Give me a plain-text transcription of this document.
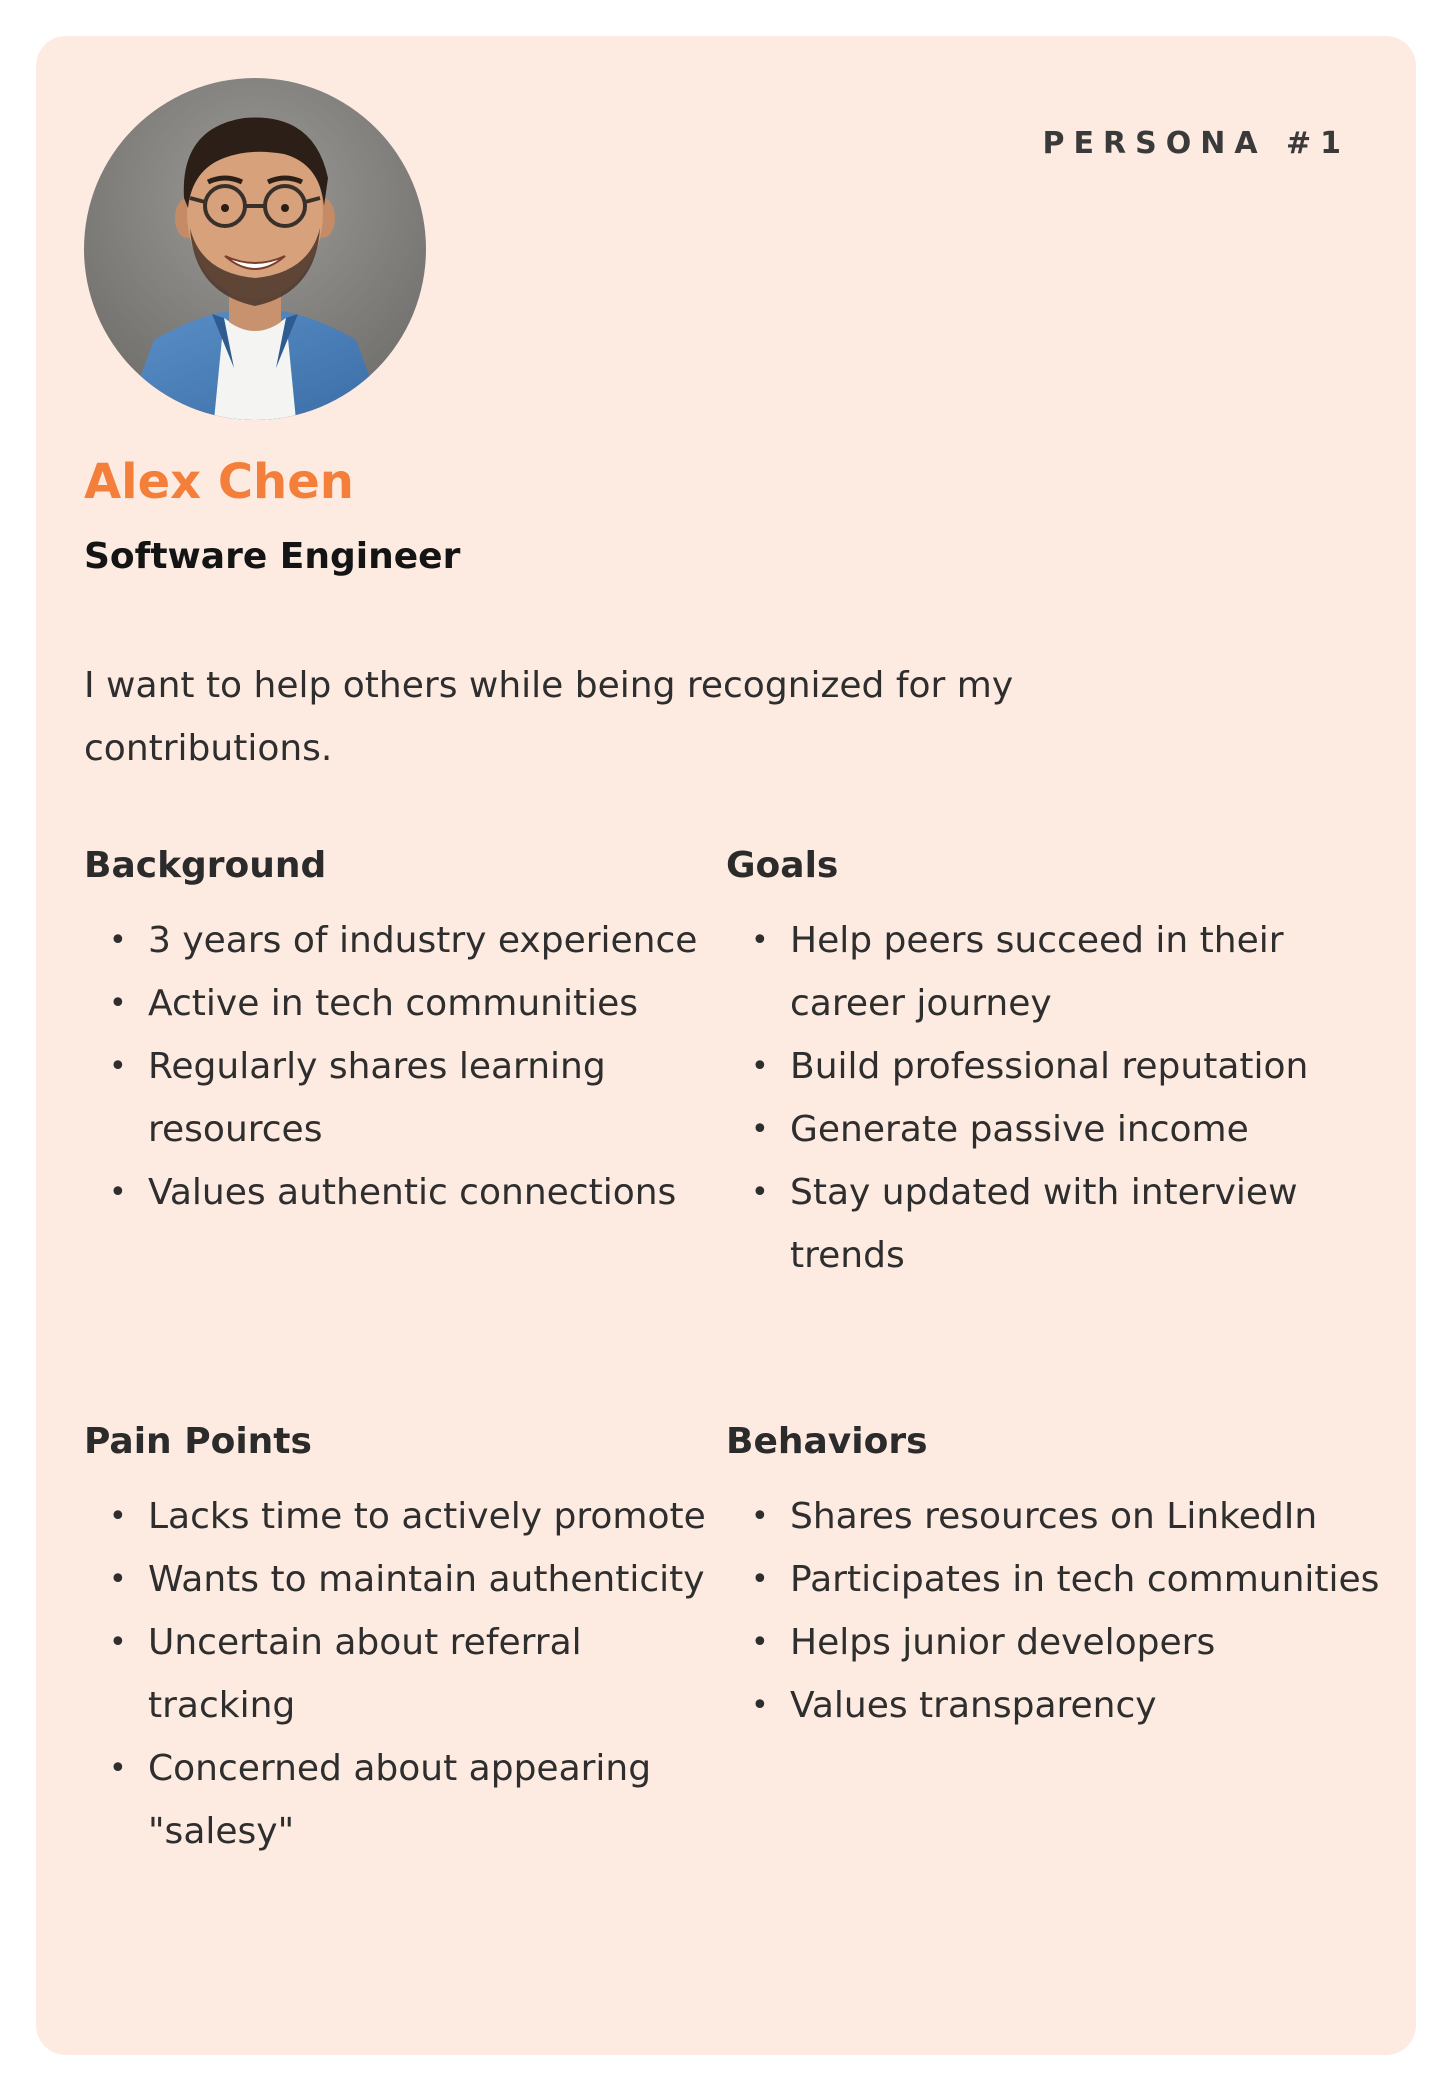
PERSONA #1
Alex Chen
Software Engineer

I want to help others while being recognized for my contributions.

Background
• 3 years of industry experience
• Active in tech communities
• Regularly shares learning resources
• Values authentic connections
Goals
• Help peers succeed in their career journey
• Build professional reputation
• Generate passive income
• Stay updated with interview trends
Pain Points
• Lacks time to actively promote
• Wants to maintain authenticity
• Uncertain about referral tracking
• Concerned about appearing "salesy"
Behaviors
• Shares resources on LinkedIn
• Participates in tech communities
• Helps junior developers
• Values transparency
